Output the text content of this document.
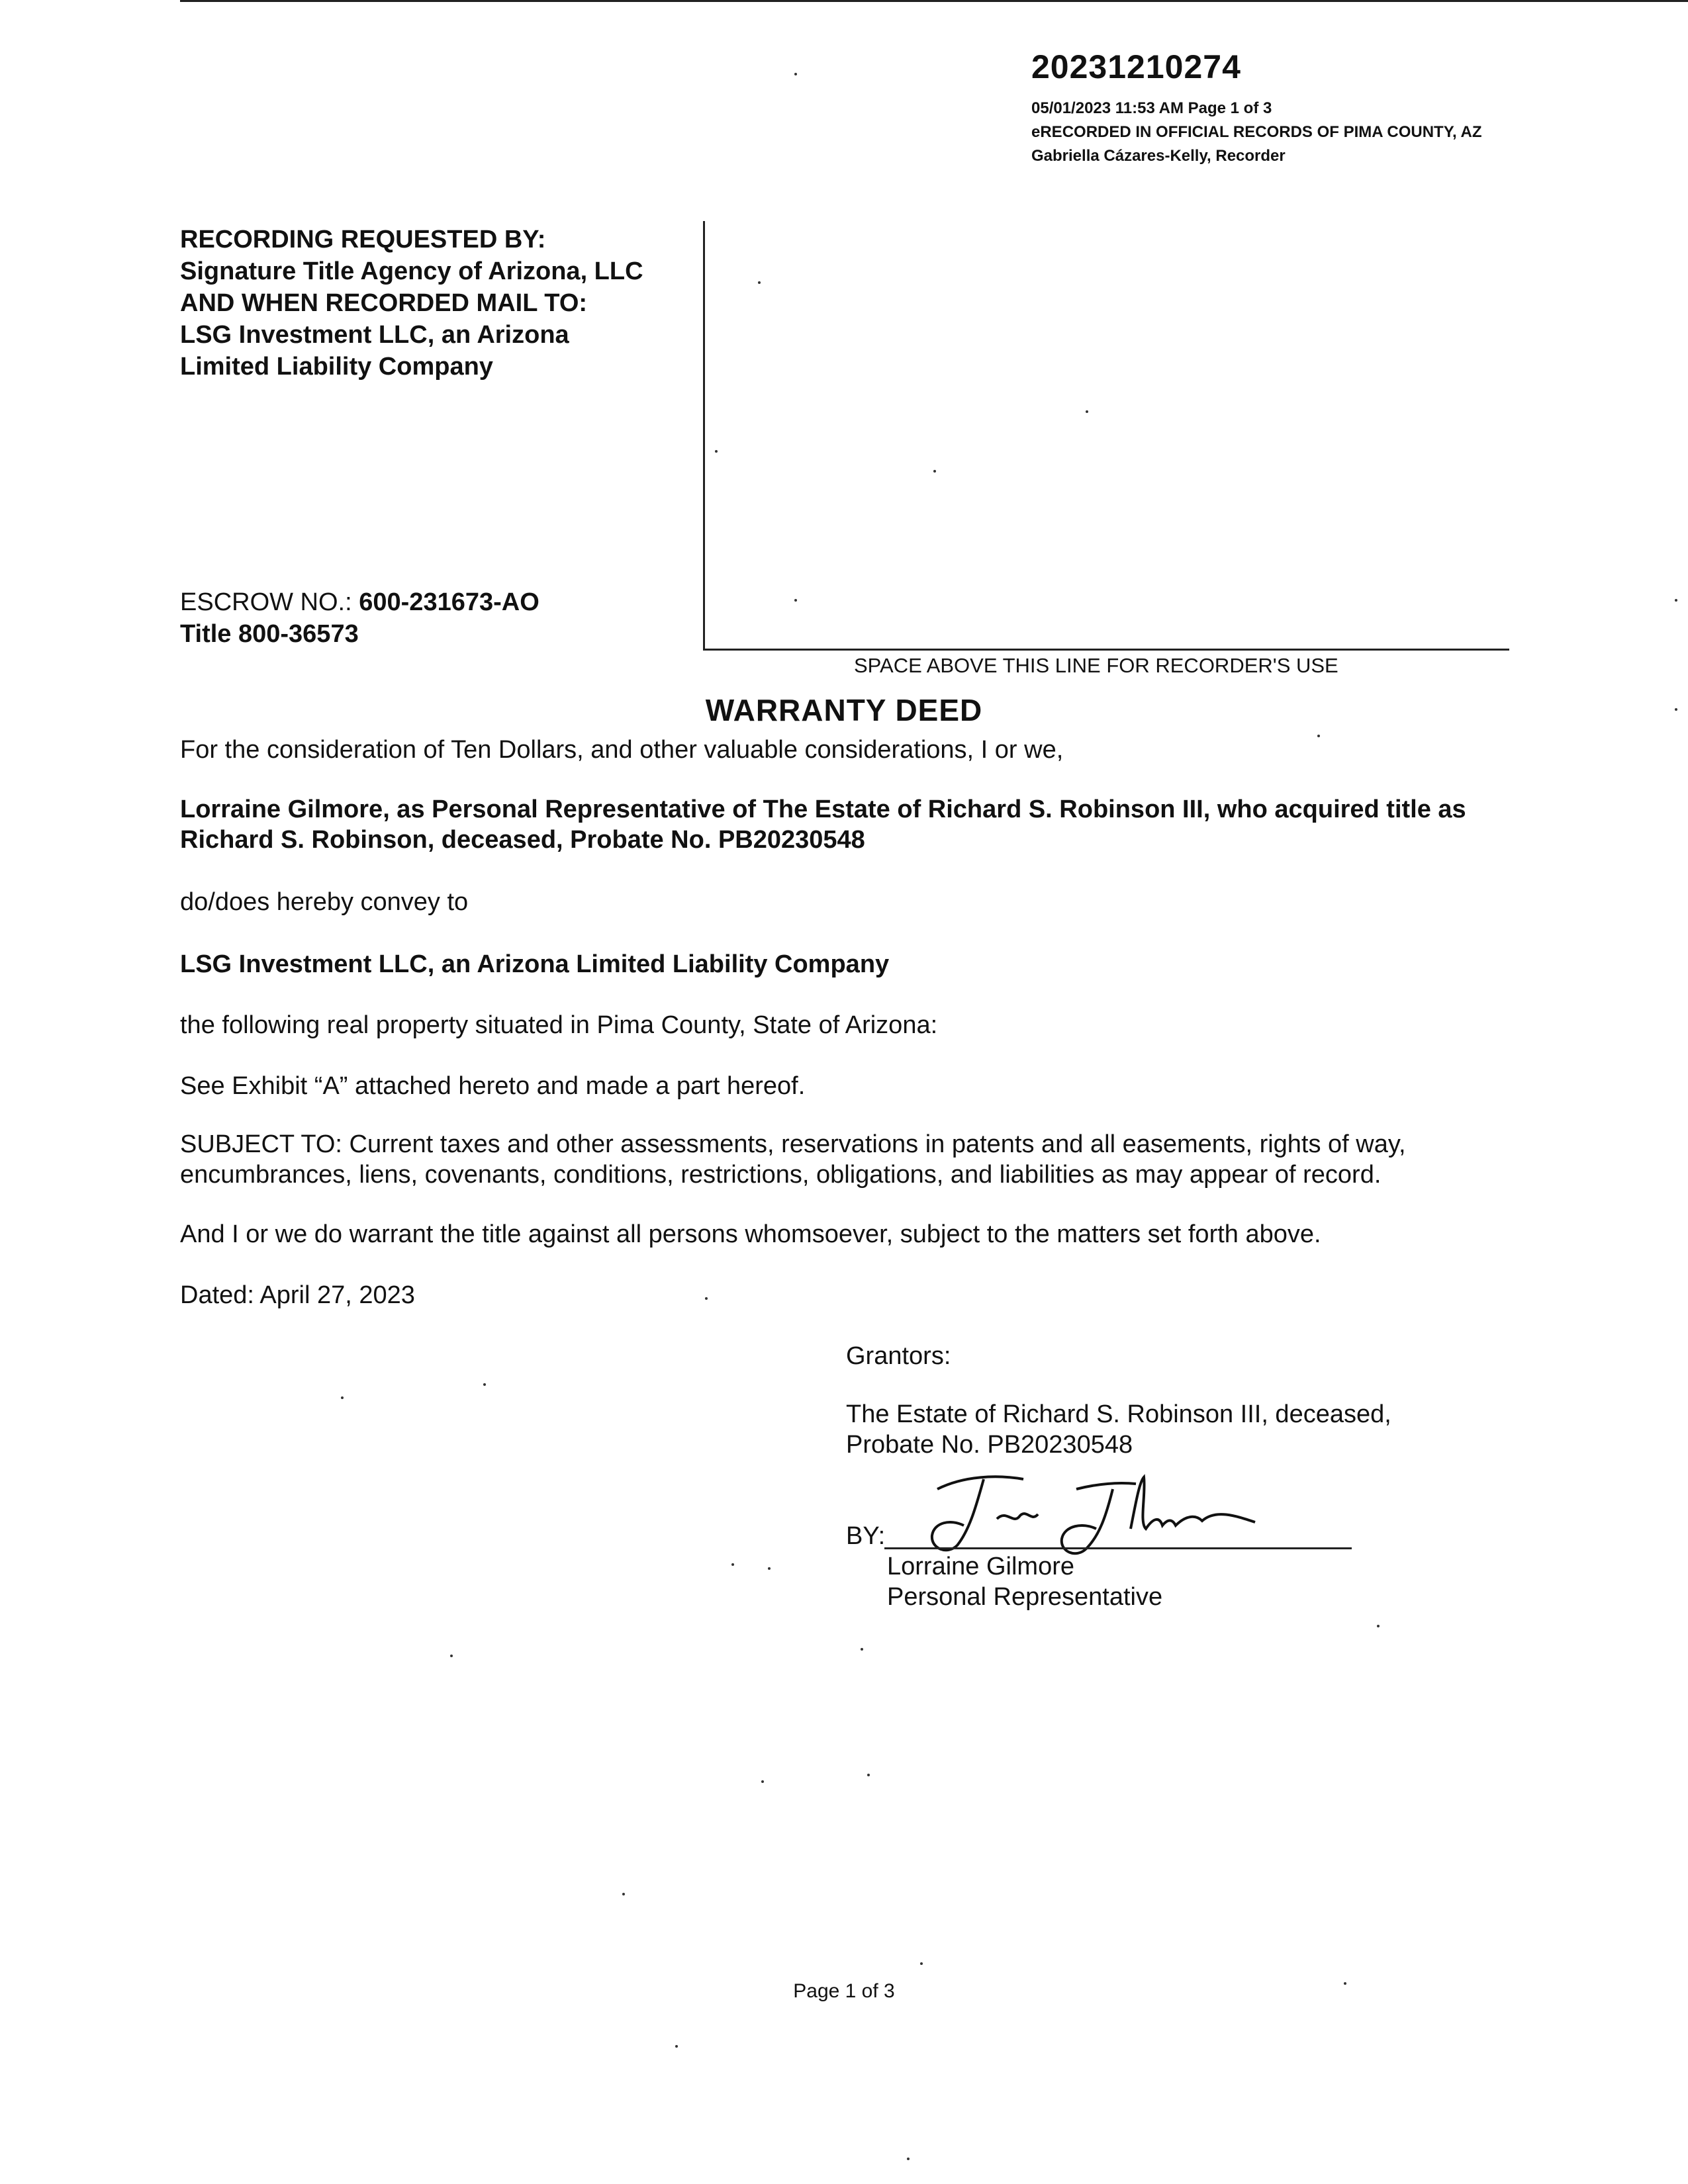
20231210274
05/01/2023 11:53 AM Page 1 of 3
eRECORDED IN OFFICIAL RECORDS OF PIMA COUNTY, AZ
Gabriella Cázares-Kelly, Recorder
RECORDING REQUESTED BY:
Signature Title Agency of Arizona, LLC
AND WHEN RECORDED MAIL TO:
LSG Investment LLC, an Arizona
Limited Liability Company
ESCROW NO.: 600-231673-AO
Title 800-36573
SPACE ABOVE THIS LINE FOR RECORDER'S USE
WARRANTY DEED
For the consideration of Ten Dollars, and other valuable considerations, I or we,
Lorraine Gilmore, as Personal Representative of The Estate of Richard S. Robinson III, who acquired title as Richard S. Robinson, deceased, Probate No. PB20230548
do/does hereby convey to
LSG Investment LLC, an Arizona Limited Liability Company
the following real property situated in Pima County, State of Arizona:
See Exhibit “A” attached hereto and made a part hereof.
SUBJECT TO: Current taxes and other assessments, reservations in patents and all easements, rights of way, encumbrances, liens, covenants, conditions, restrictions, obligations, and liabilities as may appear of record.
And I or we do warrant the title against all persons whomsoever, subject to the matters set forth above.
Dated: April 27, 2023
Grantors:
The Estate of Richard S. Robinson III, deceased,
Probate No. PB20230548
BY:
Lorraine Gilmore
Personal Representative
Page 1 of 3
